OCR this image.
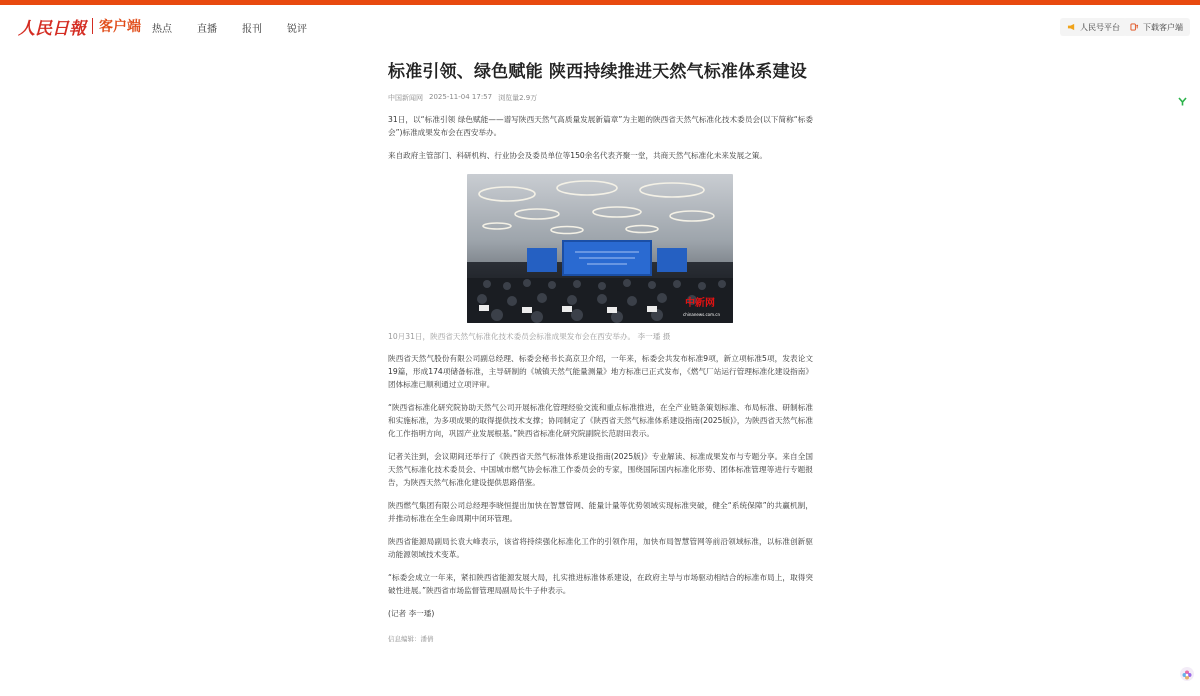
人民日報 客户端 热点	直播	报刊	锐评	人民号平台	下载客户端
标准引领、绿色赋能 陕西持续推进天然气标准体系建设
中国新闻网 2025-11-04 17:57 浏览量2.9万

31日，以“标准引领 绿色赋能——谱写陕西天然气高质量发展新篇章”为主题的陕西省天然气标准化技术委员会(以下简称“标委会”)标准成果发布会在西安举办。

来自政府主管部门、科研机构、行业协会及委员单位等150余名代表齐聚一堂，共商天然气标准化未来发展之策。

中新网
chinanews.com.cn
10月31日，陕西省天然气标准化技术委员会标准成果发布会在西安举办。 李一璠 摄

陕西省天然气股份有限公司副总经理、标委会秘书长高京卫介绍，一年来，标委会共发布标准9项，新立项标准5项，发表论文19篇，形成174项储备标准，主导研制的《城镇天然气能量测量》地方标准已正式发布，《燃气厂站运行管理标准化建设指南》团体标准已顺利通过立项评审。

“陕西省标准化研究院协助天然气公司开展标准化管理经验交流和重点标准推进，在全产业链条策划标准、布局标准、研制标准和实施标准，为多项成果的取得提供技术支撑；协同制定了《陕西省天然气标准体系建设指南(2025版)》，为陕西省天然气标准化工作指明方向，巩固产业发展根基。”陕西省标准化研究院副院长范尉田表示。

记者关注到，会议期间还举行了《陕西省天然气标准体系建设指南(2025版)》专业解读、标准成果发布与专题分享。来自全国天然气标准化技术委员会、中国城市燃气协会标准工作委员会的专家，围绕国际国内标准化形势、团体标准管理等进行专题报告，为陕西天然气标准化建设提供思路借鉴。

陕西燃气集团有限公司总经理李晓恒提出加快在智慧管网、能量计量等优势领域实现标准突破，健全“系统保障”的共赢机制，并推动标准在全生命周期中闭环管理。

陕西省能源局副局长袁大峰表示，该省将持续强化标准化工作的引领作用，加快布局智慧管网等前沿领域标准，以标准创新驱动能源领域技术变革。

“标委会成立一年来，紧扣陕西省能源发展大局，扎实推进标准体系建设，在政府主导与市场驱动相结合的标准布局上，取得突破性进展。”陕西省市场监督管理局副局长牛子仲表示。

(记者 李一璠)

信息编辑：潘倩
